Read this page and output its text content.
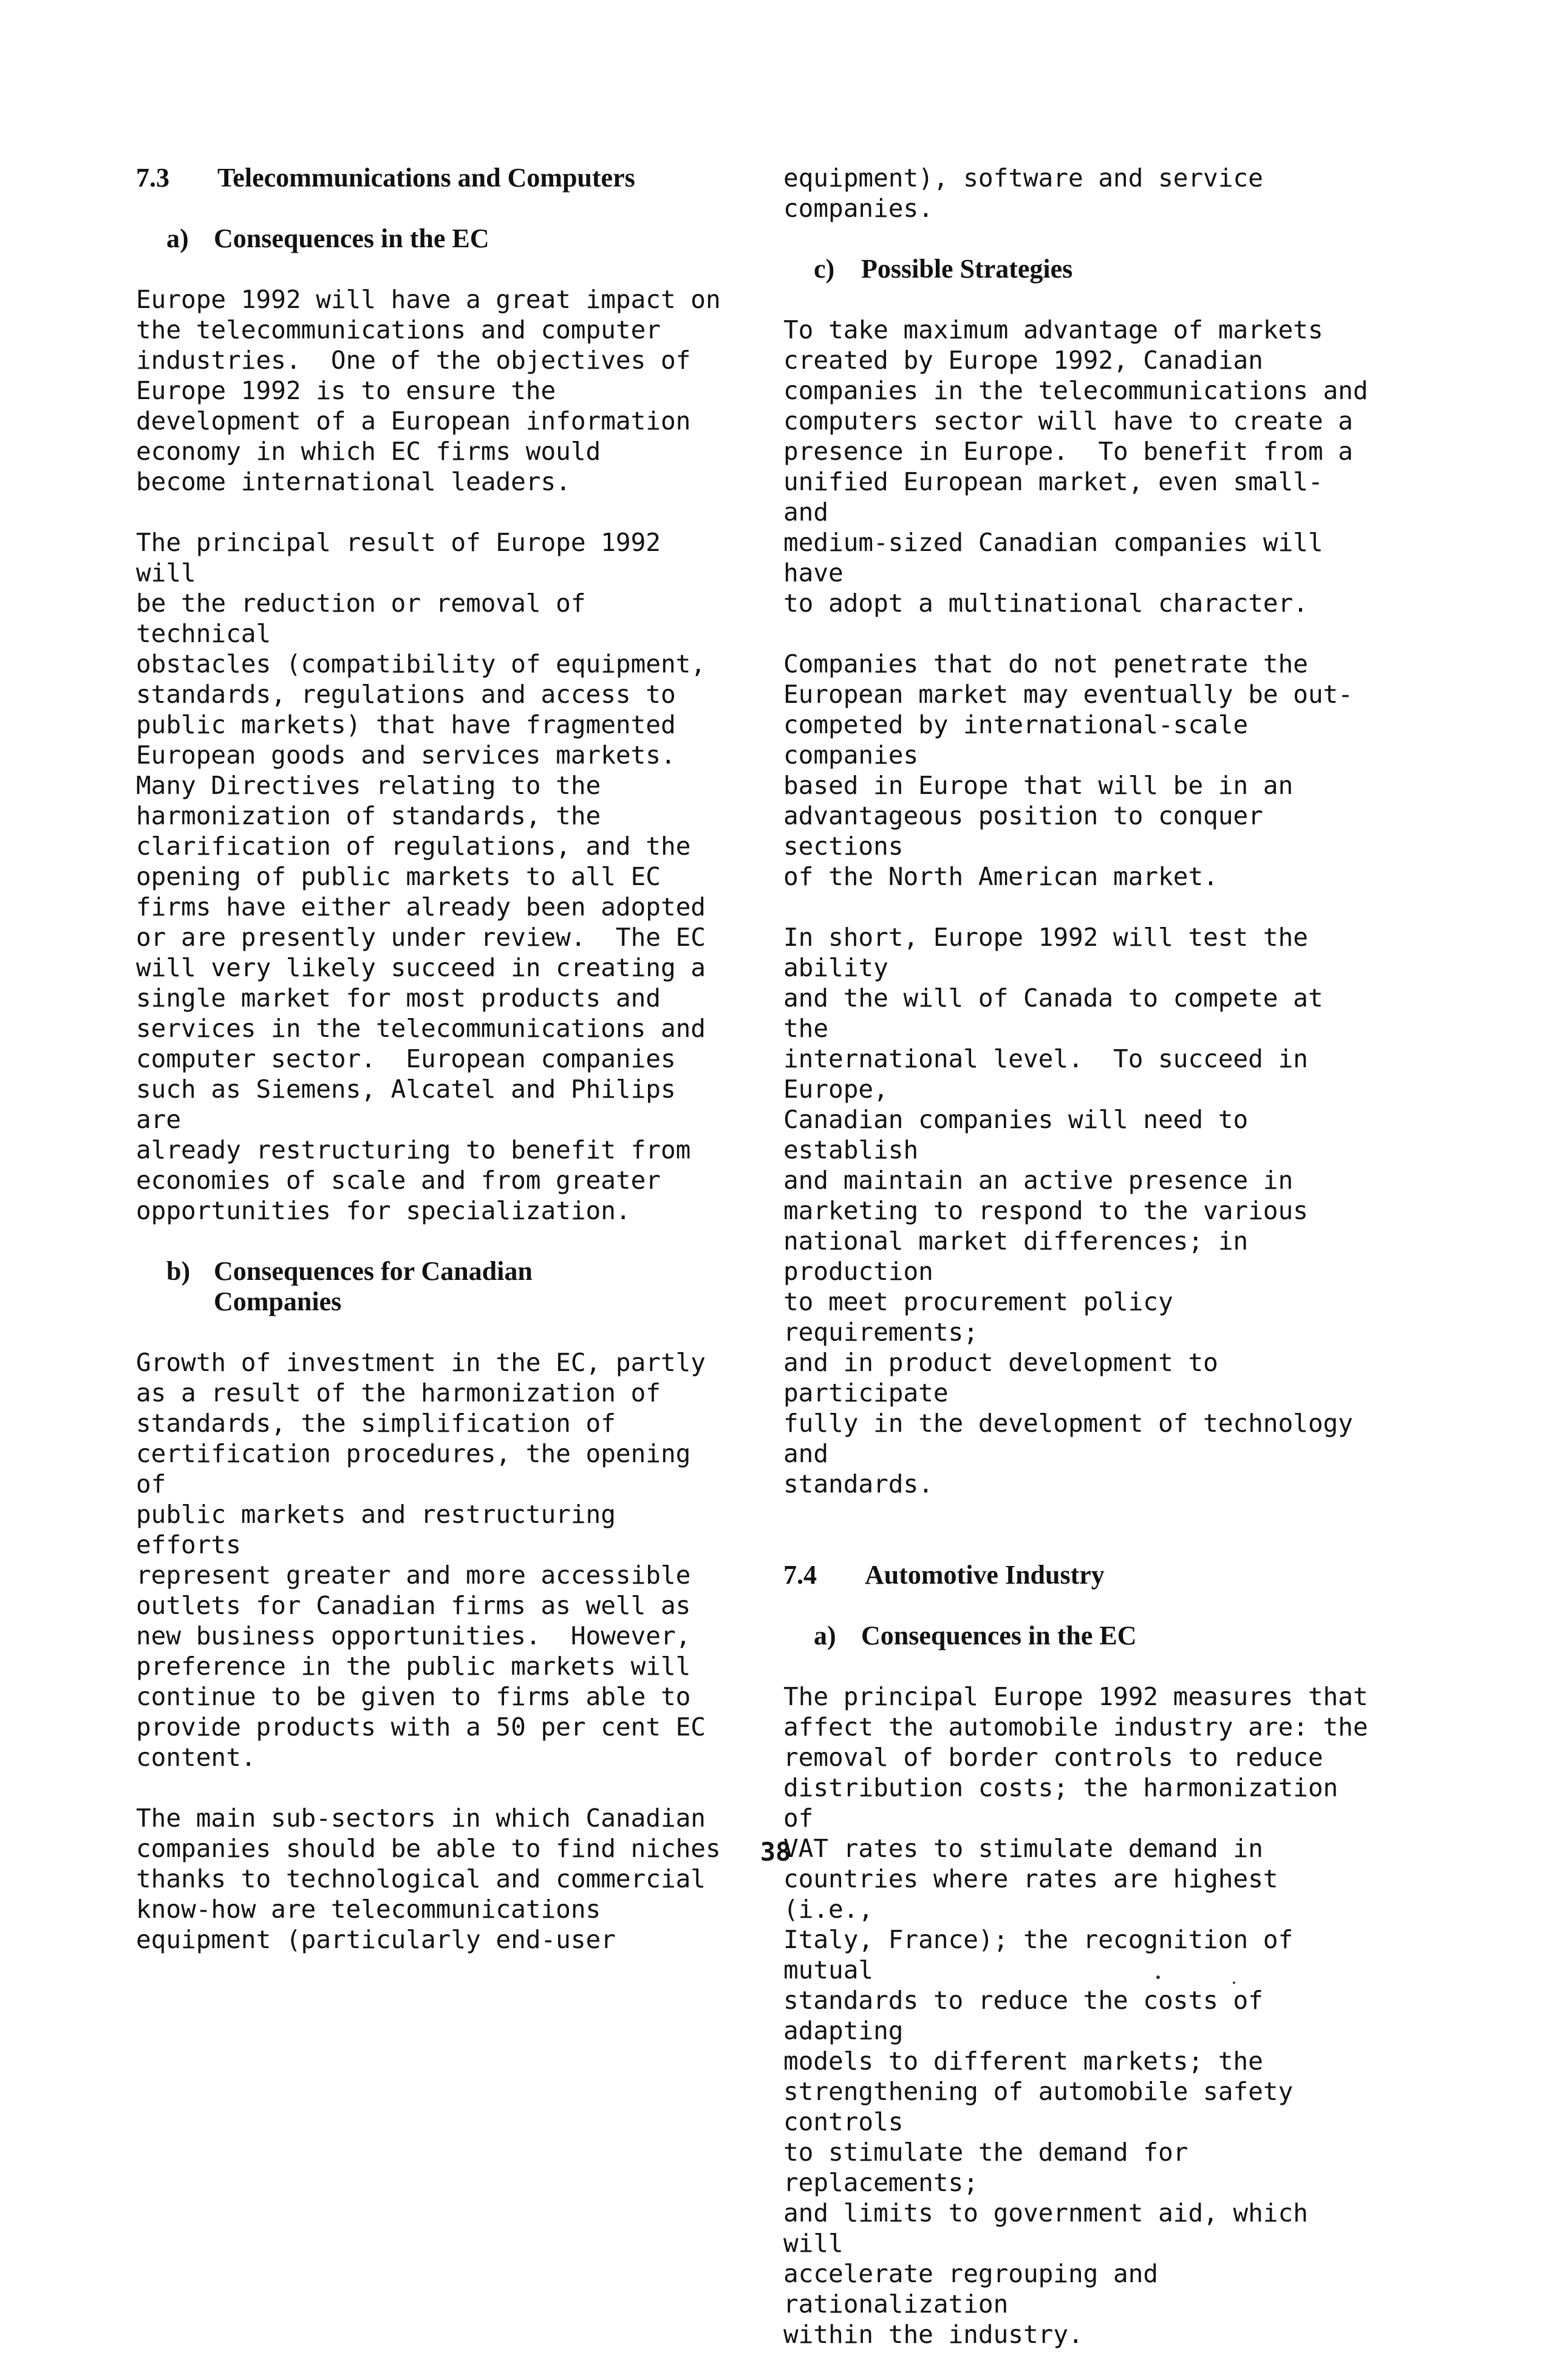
7.3	Telecommunications and Computers
a) Consequences in the EC

Europe 1992 will have a great impact on
the telecommunications and computer
industries.  One of the objectives of
Europe 1992 is to ensure the
development of a European information
economy in which EC firms would
become international leaders.

The principal result of Europe 1992 will
be the reduction or removal of technical
obstacles (compatibility of equipment,
standards, regulations and access to
public markets) that have fragmented
European goods and services markets.
Many Directives relating to the
harmonization of standards, the
clarification of regulations, and the
opening of public markets to all EC
firms have either already been adopted
or are presently under review.  The EC
will very likely succeed in creating a
single market for most products and
services in the telecommunications and
computer sector.  European companies
such as Siemens, Alcatel and Philips are
already restructuring to benefit from
economies of scale and from greater
opportunities for specialization.

b) Consequences for Canadian
Companies

Growth of investment in the EC, partly
as a result of the harmonization of
standards, the simplification of
certification procedures, the opening of
public markets and restructuring efforts
represent greater and more accessible
outlets for Canadian firms as well as
new business opportunities.  However,
preference in the public markets will
continue to be given to firms able to
provide products with a 50 per cent EC
content.

The main sub-sectors in which Canadian
companies should be able to find niches
thanks to technological and commercial
know-how are telecommunications
equipment (particularly end-user

equipment), software and service
companies.

c) Possible Strategies

To take maximum advantage of markets
created by Europe 1992, Canadian
companies in the telecommunications and
computers sector will have to create a
presence in Europe.  To benefit from a
unified European market, even small- and
medium-sized Canadian companies will have
to adopt a multinational character.

Companies that do not penetrate the
European market may eventually be out-
competed by international-scale companies
based in Europe that will be in an
advantageous position to conquer sections
of the North American market.

In short, Europe 1992 will test the ability
and the will of Canada to compete at the
international level.  To succeed in Europe,
Canadian companies will need to establish
and maintain an active presence in
marketing to respond to the various
national market differences; in production
to meet procurement policy requirements;
and in product development to participate
fully in the development of technology and
standards.

7.4	Automotive Industry
a) Consequences in the EC

The principal Europe 1992 measures that
affect the automobile industry are: the
removal of border controls to reduce
distribution costs; the harmonization of
VAT rates to stimulate demand in
countries where rates are highest (i.e.,
Italy, France); the recognition of mutual
standards to reduce the costs of adapting
models to different markets; the
strengthening of automobile safety controls
to stimulate the demand for replacements;
and limits to government aid, which will
accelerate regrouping and rationalization
within the industry.

38
